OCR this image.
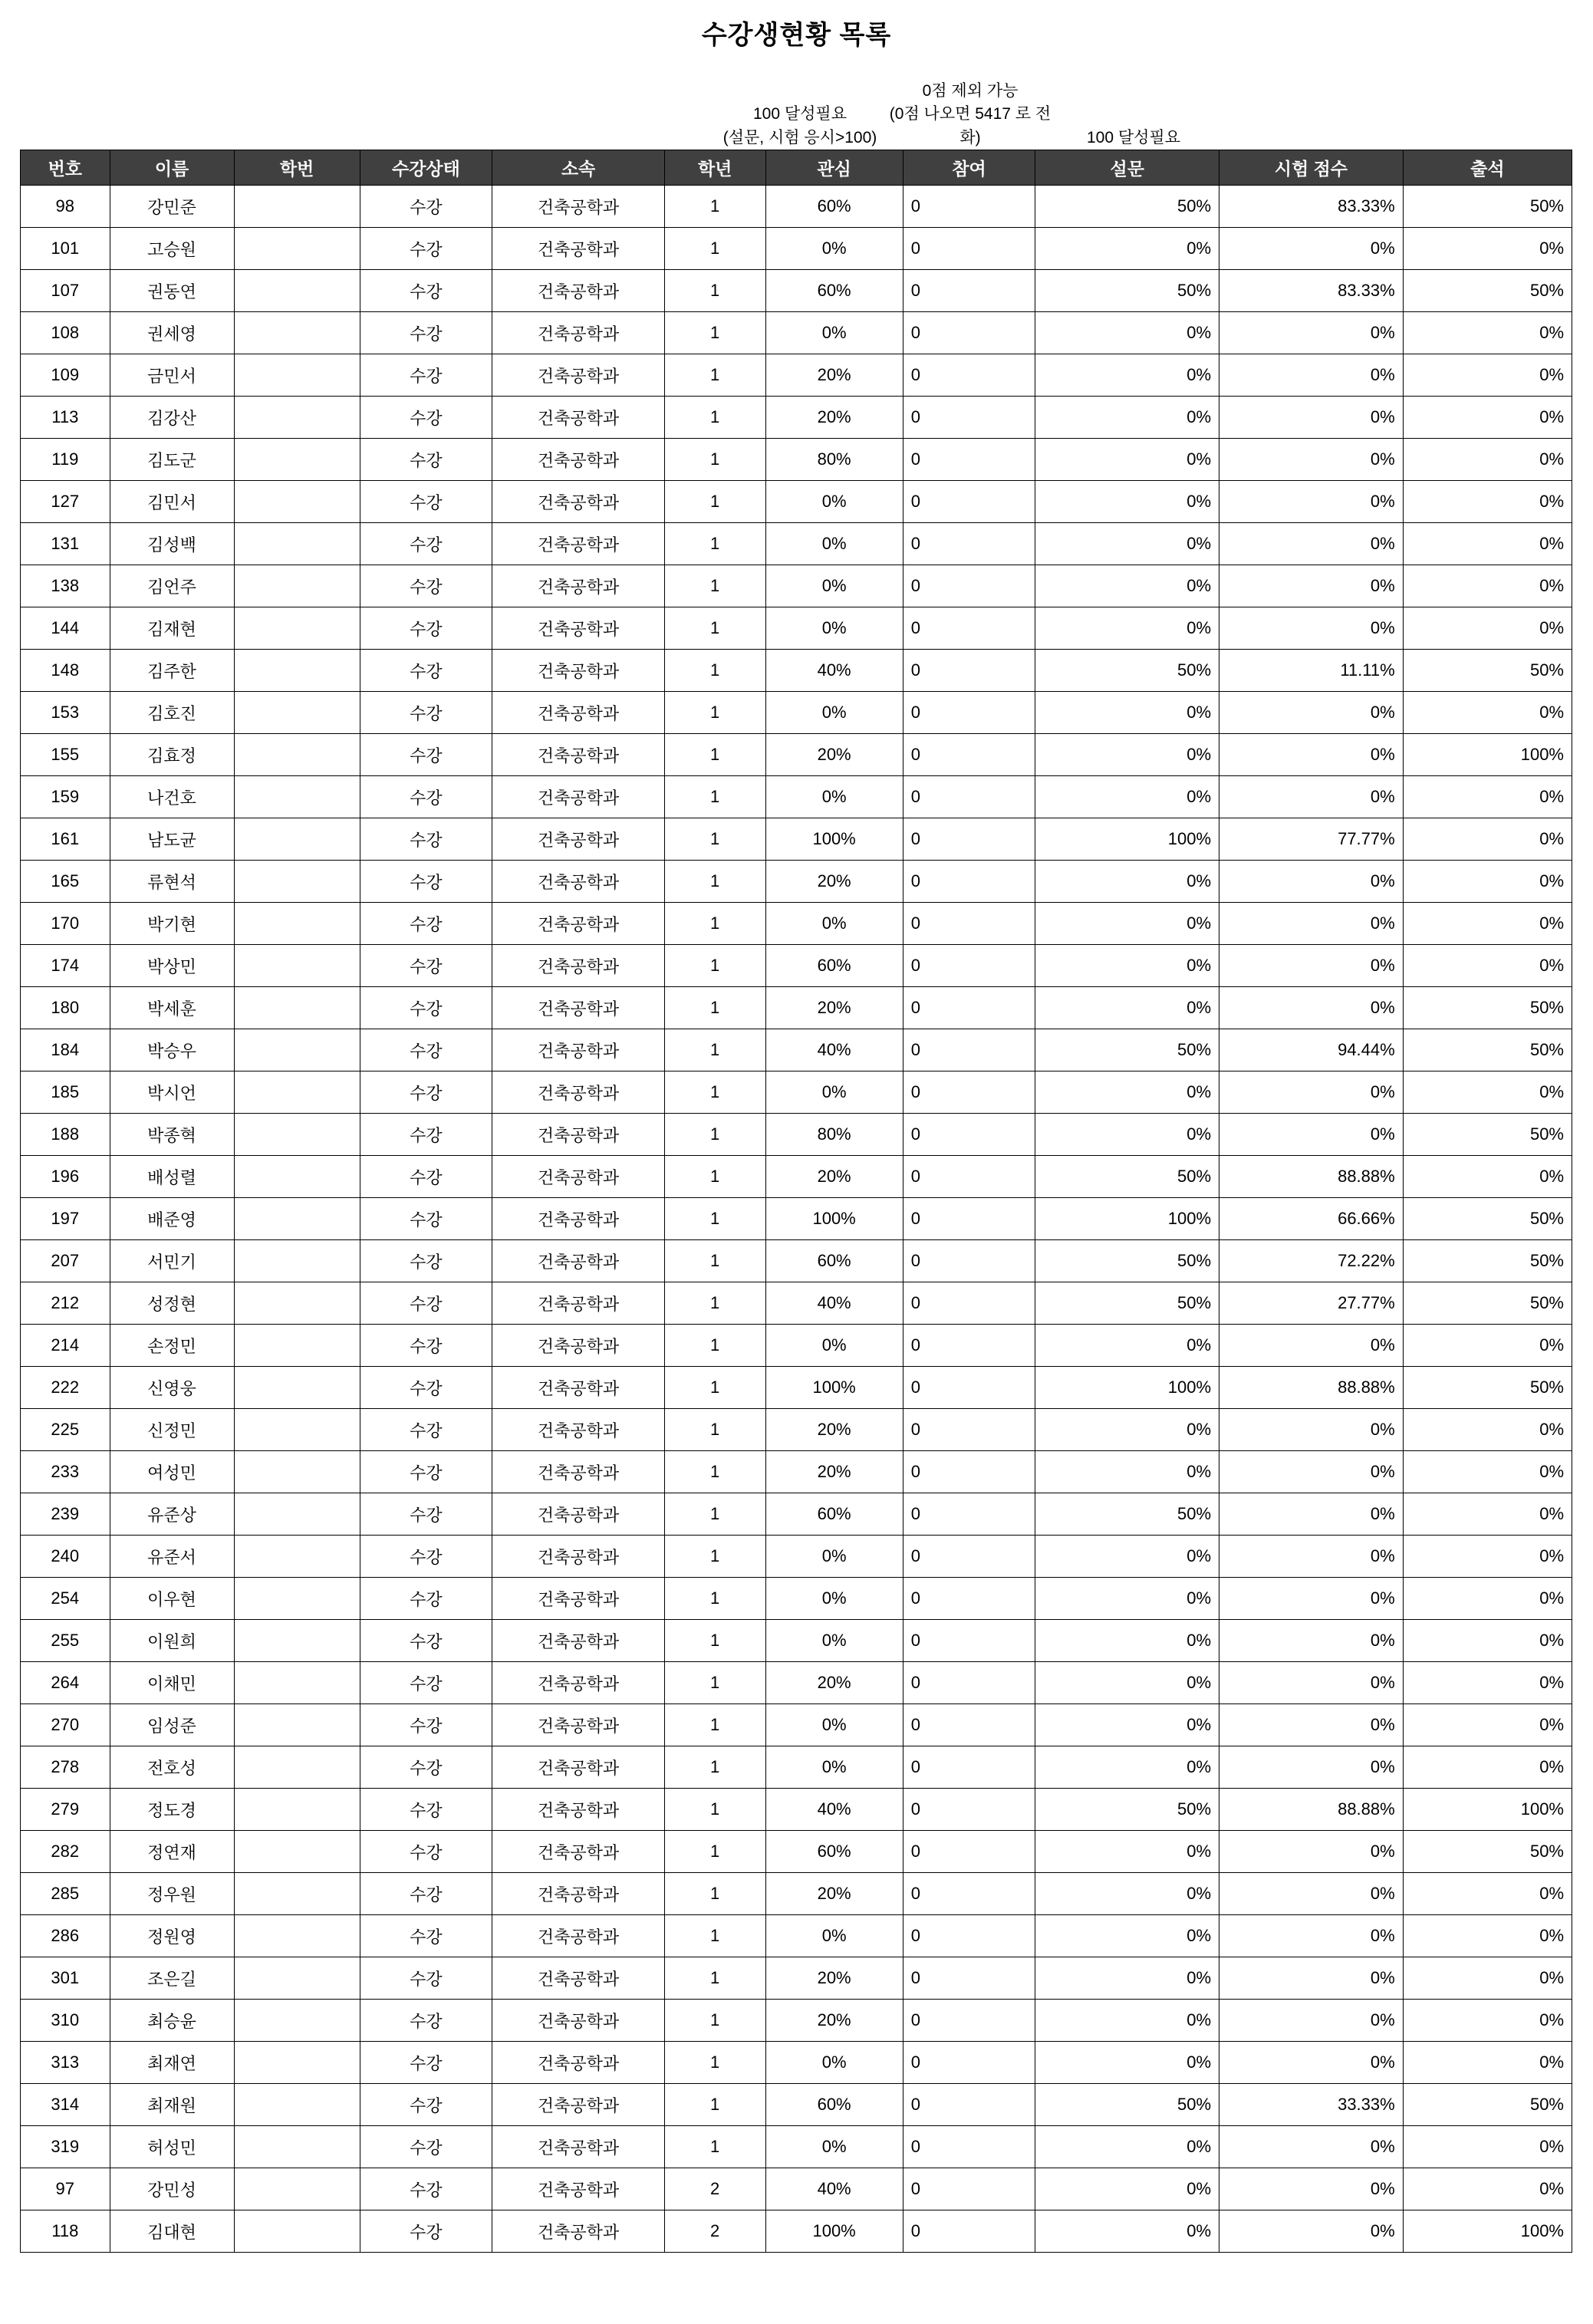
수강생현황 목록
100 달성필요
(설문, 시험 응시>100)
0점 제외 가능
(0점 나오면 5417 로 전화)	100 달성필요
번호	이름	학번	수강상태	소속	학년	관심	참여	설문	시험 점수	출석
98	강민준		수강	건축공학과	1	60%	0	50%	83.33%	50%
101	고승원		수강	건축공학과	1	0%	0	0%	0%	0%
107	권동연		수강	건축공학과	1	60%	0	50%	83.33%	50%
108	권세영		수강	건축공학과	1	0%	0	0%	0%	0%
109	금민서		수강	건축공학과	1	20%	0	0%	0%	0%
113	김강산		수강	건축공학과	1	20%	0	0%	0%	0%
119	김도군		수강	건축공학과	1	80%	0	0%	0%	0%
127	김민서		수강	건축공학과	1	0%	0	0%	0%	0%
131	김성백		수강	건축공학과	1	0%	0	0%	0%	0%
138	김언주		수강	건축공학과	1	0%	0	0%	0%	0%
144	김재현		수강	건축공학과	1	0%	0	0%	0%	0%
148	김주한		수강	건축공학과	1	40%	0	50%	11.11%	50%
153	김호진		수강	건축공학과	1	0%	0	0%	0%	0%
155	김효정		수강	건축공학과	1	20%	0	0%	0%	100%
159	나건호		수강	건축공학과	1	0%	0	0%	0%	0%
161	남도균		수강	건축공학과	1	100%	0	100%	77.77%	0%
165	류현석		수강	건축공학과	1	20%	0	0%	0%	0%
170	박기현		수강	건축공학과	1	0%	0	0%	0%	0%
174	박상민		수강	건축공학과	1	60%	0	0%	0%	0%
180	박세훈		수강	건축공학과	1	20%	0	0%	0%	50%
184	박승우		수강	건축공학과	1	40%	0	50%	94.44%	50%
185	박시언		수강	건축공학과	1	0%	0	0%	0%	0%
188	박종혁		수강	건축공학과	1	80%	0	0%	0%	50%
196	배성렬		수강	건축공학과	1	20%	0	50%	88.88%	0%
197	배준영		수강	건축공학과	1	100%	0	100%	66.66%	50%
207	서민기		수강	건축공학과	1	60%	0	50%	72.22%	50%
212	성정현		수강	건축공학과	1	40%	0	50%	27.77%	50%
214	손정민		수강	건축공학과	1	0%	0	0%	0%	0%
222	신영웅		수강	건축공학과	1	100%	0	100%	88.88%	50%
225	신정민		수강	건축공학과	1	20%	0	0%	0%	0%
233	여성민		수강	건축공학과	1	20%	0	0%	0%	0%
239	유준상		수강	건축공학과	1	60%	0	50%	0%	0%
240	유준서		수강	건축공학과	1	0%	0	0%	0%	0%
254	이우현		수강	건축공학과	1	0%	0	0%	0%	0%
255	이원희		수강	건축공학과	1	0%	0	0%	0%	0%
264	이채민		수강	건축공학과	1	20%	0	0%	0%	0%
270	임성준		수강	건축공학과	1	0%	0	0%	0%	0%
278	전호성		수강	건축공학과	1	0%	0	0%	0%	0%
279	정도경		수강	건축공학과	1	40%	0	50%	88.88%	100%
282	정연재		수강	건축공학과	1	60%	0	0%	0%	50%
285	정우원		수강	건축공학과	1	20%	0	0%	0%	0%
286	정원영		수강	건축공학과	1	0%	0	0%	0%	0%
301	조은길		수강	건축공학과	1	20%	0	0%	0%	0%
310	최승윤		수강	건축공학과	1	20%	0	0%	0%	0%
313	최재연		수강	건축공학과	1	0%	0	0%	0%	0%
314	최재원		수강	건축공학과	1	60%	0	50%	33.33%	50%
319	허성민		수강	건축공학과	1	0%	0	0%	0%	0%
97	강민성		수강	건축공학과	2	40%	0	0%	0%	0%
118	김대현		수강	건축공학과	2	100%	0	0%	0%	100%
